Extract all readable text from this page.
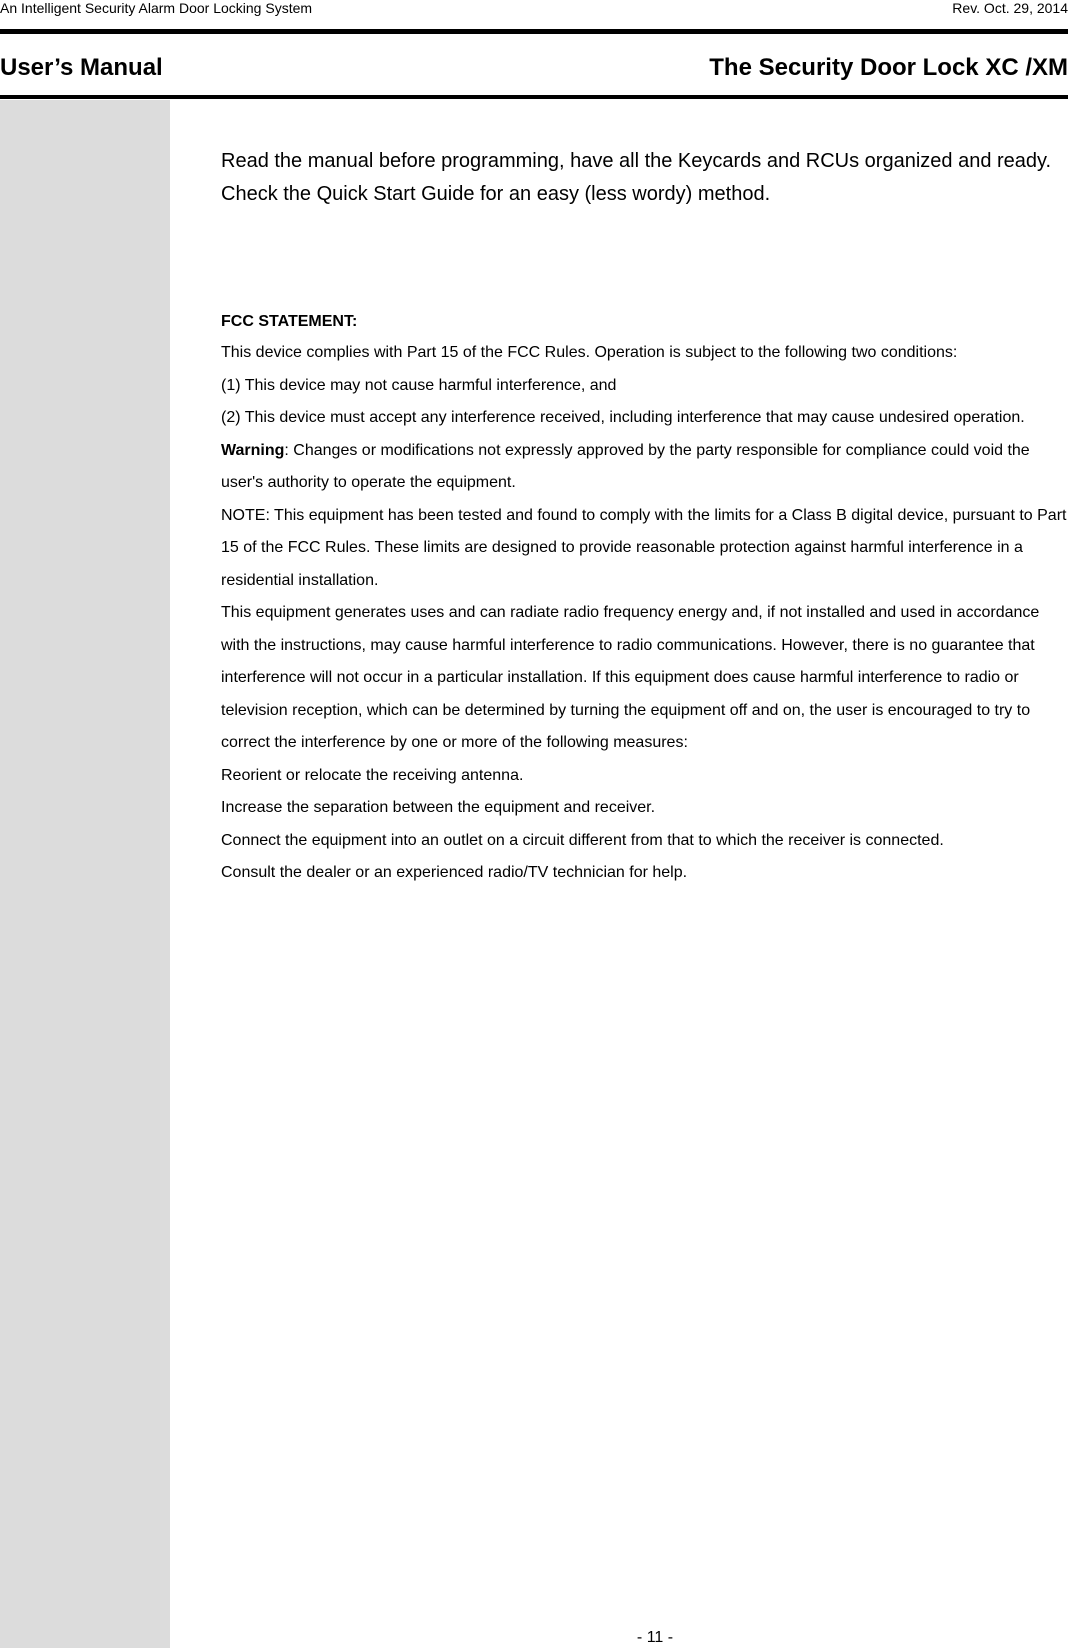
An Intelligent Security Alarm Door Locking System	Rev. Oct. 29, 2014
User’s Manual	The Security Door Lock XC /XM

Read the manual before programming, have all the Keycards and RCUs organized and ready.

Check the Quick Start Guide for an easy (less wordy) method.

FCC STATEMENT:

This device complies with Part 15 of the FCC Rules. Operation is subject to the following two conditions:

(1) This device may not cause harmful interference, and

(2) This device must accept any interference received, including interference that may cause undesired operation.

Warning: Changes or modifications not expressly approved by the party responsible for compliance could void the user's authority to operate the equipment.

NOTE: This equipment has been tested and found to comply with the limits for a Class B digital device, pursuant to Part 15 of the FCC Rules. These limits are designed to provide reasonable protection against harmful interference in a residential installation.

This equipment generates uses and can radiate radio frequency energy and, if not installed and used in accordance with the instructions, may cause harmful interference to radio communications. However, there is no guarantee that interference will not occur in a particular installation. If this equipment does cause harmful interference to radio or television reception, which can be determined by turning the equipment off and on, the user is encouraged to try to correct the interference by one or more of the following measures:

Reorient or relocate the receiving antenna.

Increase the separation between the equipment and receiver.

Connect the equipment into an outlet on a circuit different from that to which the receiver is connected.

Consult the dealer or an experienced radio/TV technician for help.

- 11 -
